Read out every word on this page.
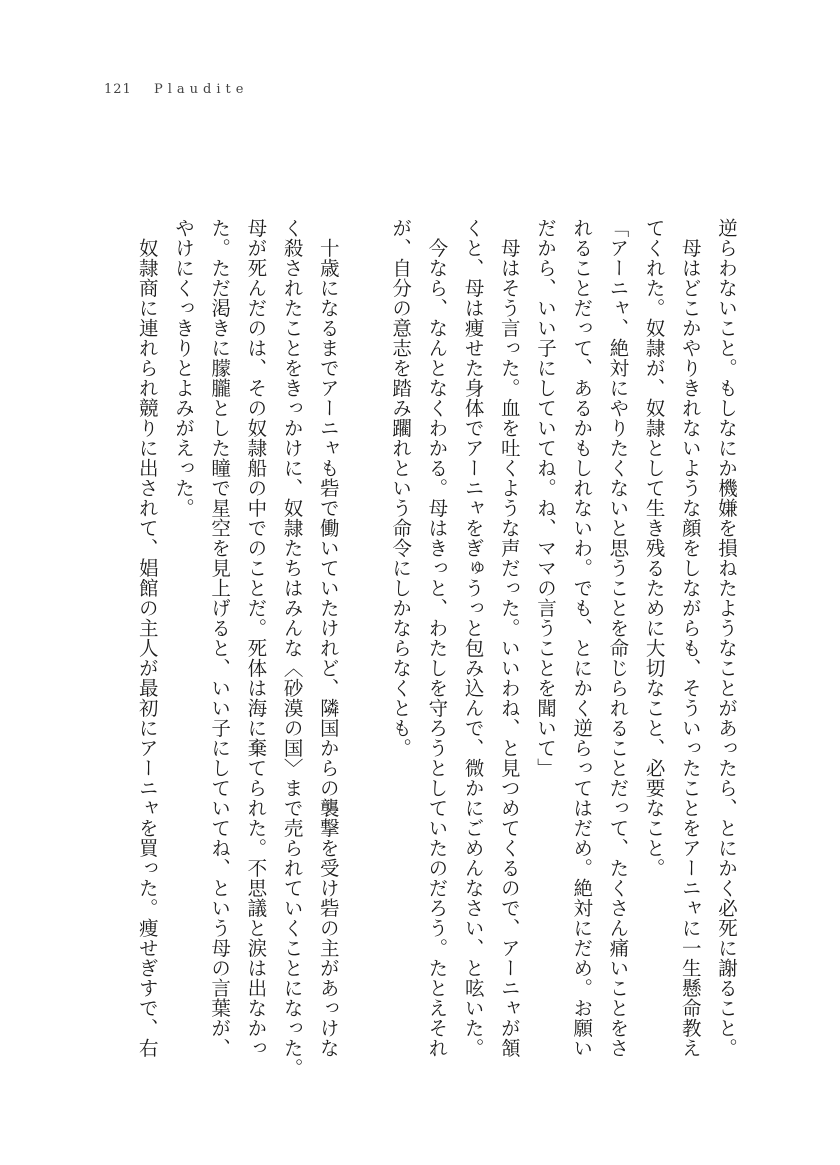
121 Plaudite
逆らわないこと。もしなにか機嫌を損ねたようなことがあったら、とにかく必死に謝ること。
　母はどこかやりきれないような顔をしながらも、そういったことをアーニャに一生懸命教え
てくれた。奴隷が、奴隷として生き残るために大切なこと、必要なこと。
「アーニャ、絶対にやりたくないと思うことを命じられることだって、たくさん痛いことをさ
れることだって、あるかもしれないわ。でも、とにかく逆らってはだめ。絶対にだめ。お願い
だから、いい子にしていてね。ね、ママの言うことを聞いて」
　母はそう言った。血を吐くような声だった。いいわね、と見つめてくるので、アーニャが頷
くと、母は痩せた身体でアーニャをぎゅうっと包み込んで、微かにごめんなさい、と呟いた。
　今なら、なんとなくわかる。母はきっと、わたしを守ろうとしていたのだろう。たとえそれ
が、自分の意志を踏み躙れという命令にしかならなくとも。
　十歳になるまでアーニャも砦で働いていたけれど、隣国からの襲撃を受け砦の主があっけな
く殺されたことをきっかけに、奴隷たちはみんな〈砂漠の国〉まで売られていくことになった。
母が死んだのは、その奴隷船の中でのことだ。死体は海に棄てられた。不思議と涙は出なかっ
た。ただ渇きに朦朧とした瞳で星空を見上げると、いい子にしていてね、という母の言葉が、
やけにくっきりとよみがえった。
　奴隷商に連れられ競りに出されて、娼館の主人が最初にアーニャを買った。痩せぎすで、右
